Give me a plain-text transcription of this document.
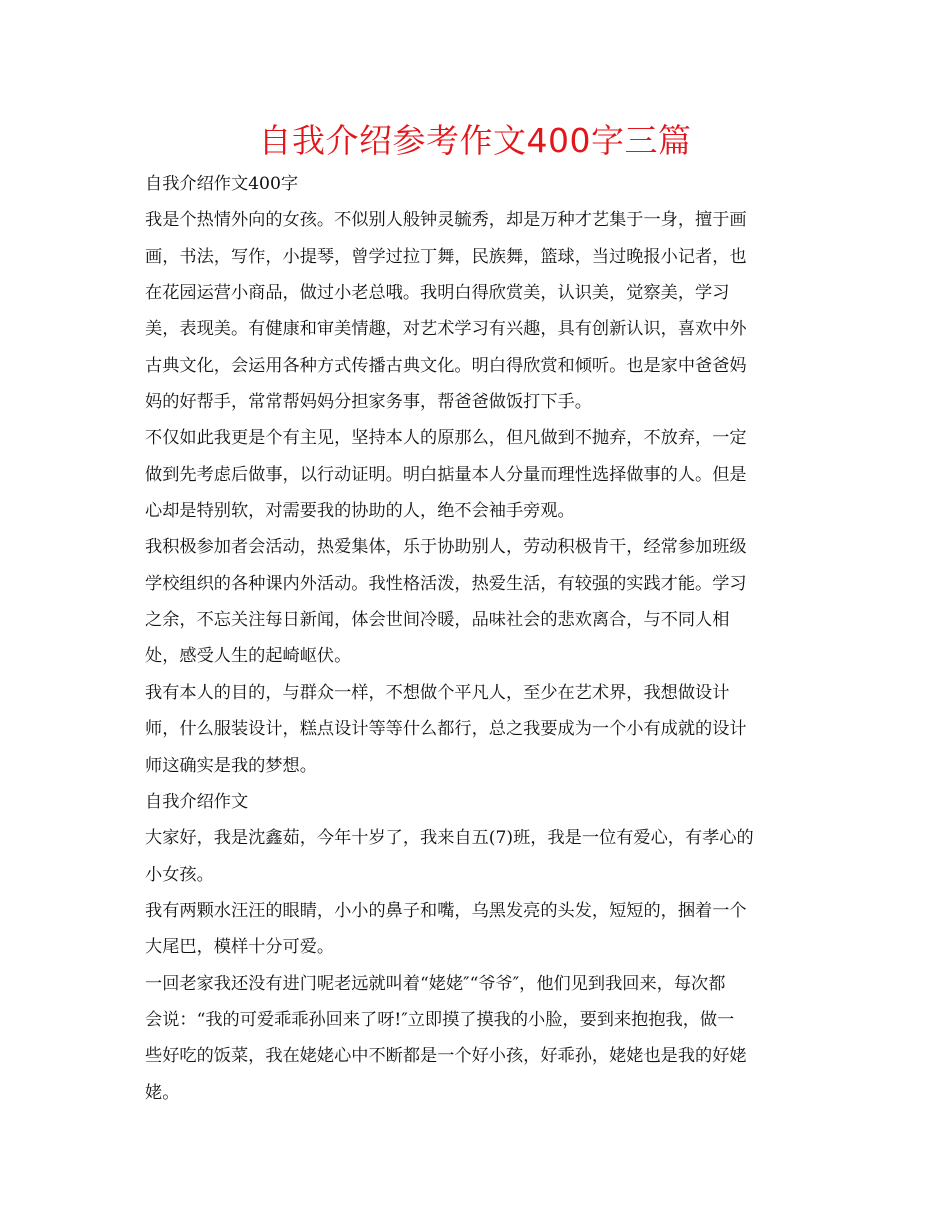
自我介绍参考作文400字三篇
自我介绍作文400字
我是个热情外向的女孩。不似别人般钟灵毓秀，却是万种才艺集于一身，擅于画
画，书法，写作，小提琴，曾学过拉丁舞，民族舞，篮球，当过晚报小记者，也
在花园运营小商品，做过小老总哦。我明白得欣赏美，认识美，觉察美，学习
美，表现美。有健康和审美情趣，对艺术学习有兴趣，具有创新认识，喜欢中外
古典文化，会运用各种方式传播古典文化。明白得欣赏和倾听。也是家中爸爸妈
妈的好帮手，常常帮妈妈分担家务事，帮爸爸做饭打下手。
不仅如此我更是个有主见，坚持本人的原那么，但凡做到不抛弃，不放弃，一定
做到先考虑后做事，以行动证明。明白掂量本人分量而理性选择做事的人。但是
心却是特别软，对需要我的协助的人，绝不会袖手旁观。
我积极参加者会活动，热爱集体，乐于协助别人，劳动积极肯干，经常参加班级
学校组织的各种课内外活动。我性格活泼，热爱生活，有较强的实践才能。学习
之余，不忘关注每日新闻，体会世间冷暖，品味社会的悲欢离合，与不同人相
处，感受人生的起崎岖伏。
我有本人的目的，与群众一样，不想做个平凡人，至少在艺术界，我想做设计
师，什么服装设计，糕点设计等等什么都行，总之我要成为一个小有成就的设计
师这确实是我的梦想。
自我介绍作文
大家好，我是沈鑫茹，今年十岁了，我来自五(7)班，我是一位有爱心，有孝心的
小女孩。
我有两颗水汪汪的眼睛，小小的鼻子和嘴，乌黑发亮的头发，短短的，捆着一个
大尾巴，模样十分可爱。
一回老家我还没有进门呢老远就叫着“姥姥″“爷爷″，他们见到我回来，每次都
会说：“我的可爱乖乖孙回来了呀!″立即摸了摸我的小脸，要到来抱抱我，做一
些好吃的饭菜，我在姥姥心中不断都是一个好小孩，好乖孙，姥姥也是我的好姥
姥。
